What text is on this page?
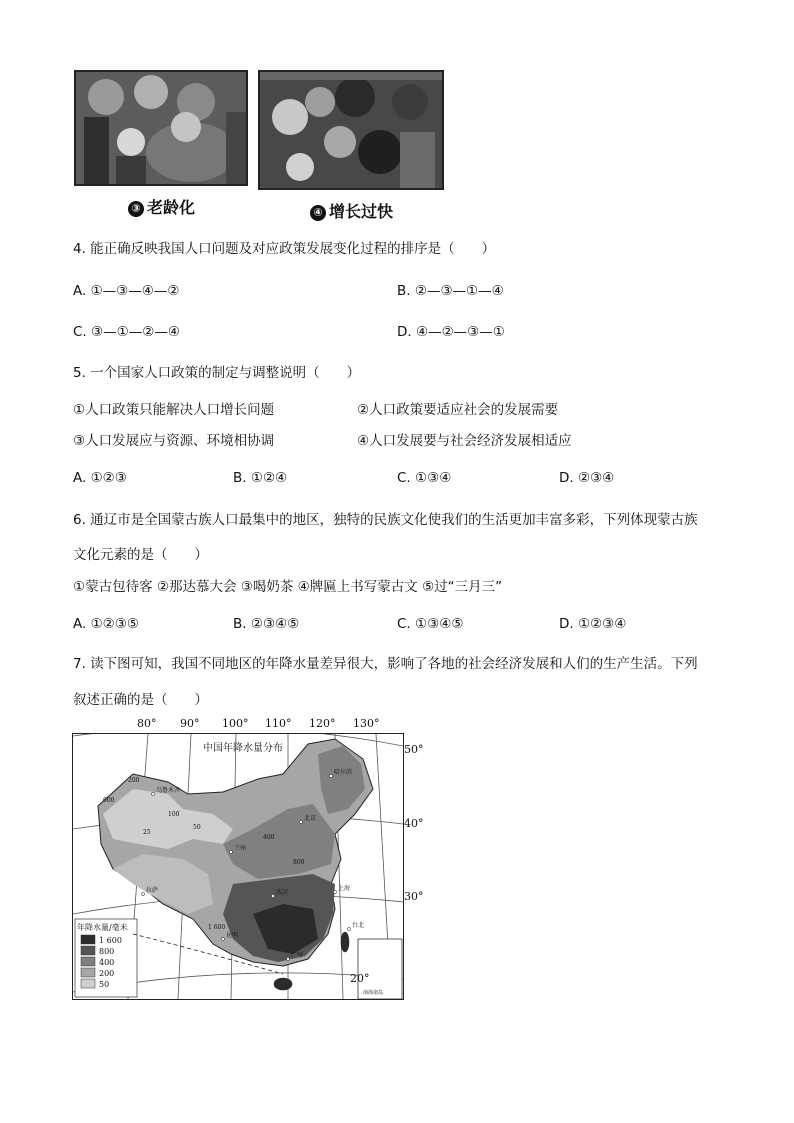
③ 老龄化	④ 增长过快
4. 能正确反映我国人口问题及对应政策发展变化过程的排序是（　　）
A. ①—③—④—②	B. ②—③—①—④
C. ③—①—②—④	D. ④—②—③—①
5. 一个国家人口政策的制定与调整说明（　　）
①人口政策只能解决人口增长问题	②人口政策要适应社会的发展需要
③人口发展应与资源、环境相协调	④人口发展要与社会经济发展相适应
A. ①②③	B. ①②④	C. ①③④	D. ②③④
6. 通辽市是全国蒙古族人口最集中的地区，独特的民族文化使我们的生活更加丰富多彩，下列体现蒙古族
文化元素的是（　　）
①蒙古包待客 ②那达慕大会 ③喝奶茶 ④牌匾上书写蒙古文 ⑤过“三月三”
A. ①②③⑤	B. ②③④⑤	C. ①③④⑤	D. ①②③④
7. 读下图可知，我国不同地区的年降水量差异很大，影响了各地的社会经济发展和人们的生产生活。下列
叙述正确的是（　　）
中国年降水量分布
年降水量/毫米
1 600
800
400
200
50
南海诸岛
乌鲁木齐
哈尔滨
北京
兰州
拉萨	武汉
上海
昆明
广州
台北
50
200
400
800
1 600
600
100
25
80° 90° 100° 110° 120° 130°
50°
40°
30°
20°
